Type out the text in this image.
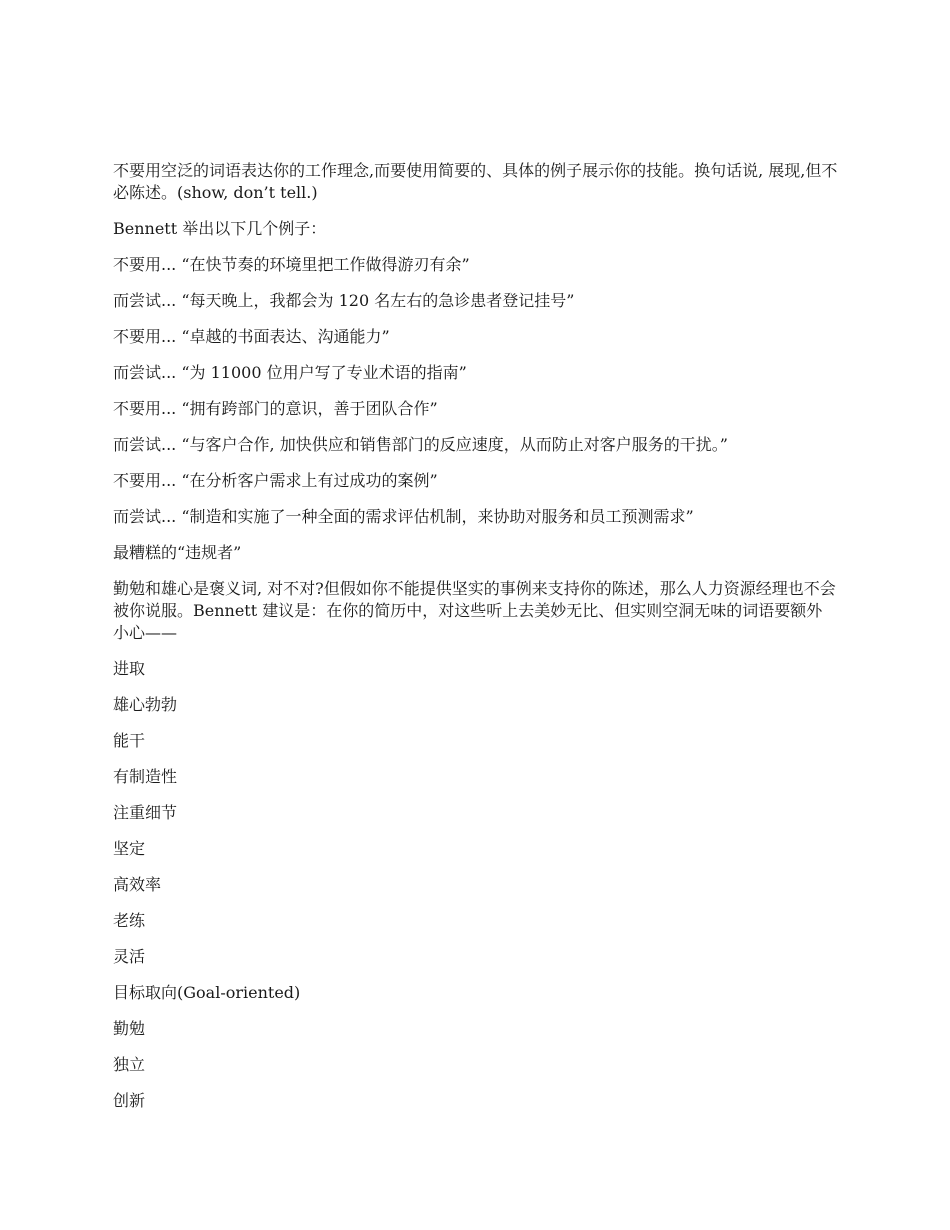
不要用空泛的词语表达你的工作理念,而要使用简要的、具体的例子展示你的技能。换句话说, 展现,但不必陈述。(show, don’t tell.)

Bennett 举出以下几个例子：

不要用... “在快节奏的环境里把工作做得游刃有余”

而尝试... “每天晚上，我都会为 120 名左右的急诊患者登记挂号”

不要用... “卓越的书面表达、沟通能力”

而尝试... “为 11000 位用户写了专业术语的指南”

不要用... “拥有跨部门的意识，善于团队合作”

而尝试... “与客户合作, 加快供应和销售部门的反应速度，从而防止对客户服务的干扰。”

不要用... “在分析客户需求上有过成功的案例”

而尝试... “制造和实施了一种全面的需求评估机制，来协助对服务和员工预测需求”

最糟糕的“违规者”

勤勉和雄心是褒义词, 对不对?但假如你不能提供坚实的事例来支持你的陈述，那么人力资源经理也不会被你说服。Bennett 建议是：在你的简历中，对这些听上去美妙无比、但实则空洞无味的词语要额外小心——

进取

雄心勃勃

能干

有制造性

注重细节

坚定

高效率

老练

灵活

目标取向(Goal-oriented)

勤勉

独立

创新
